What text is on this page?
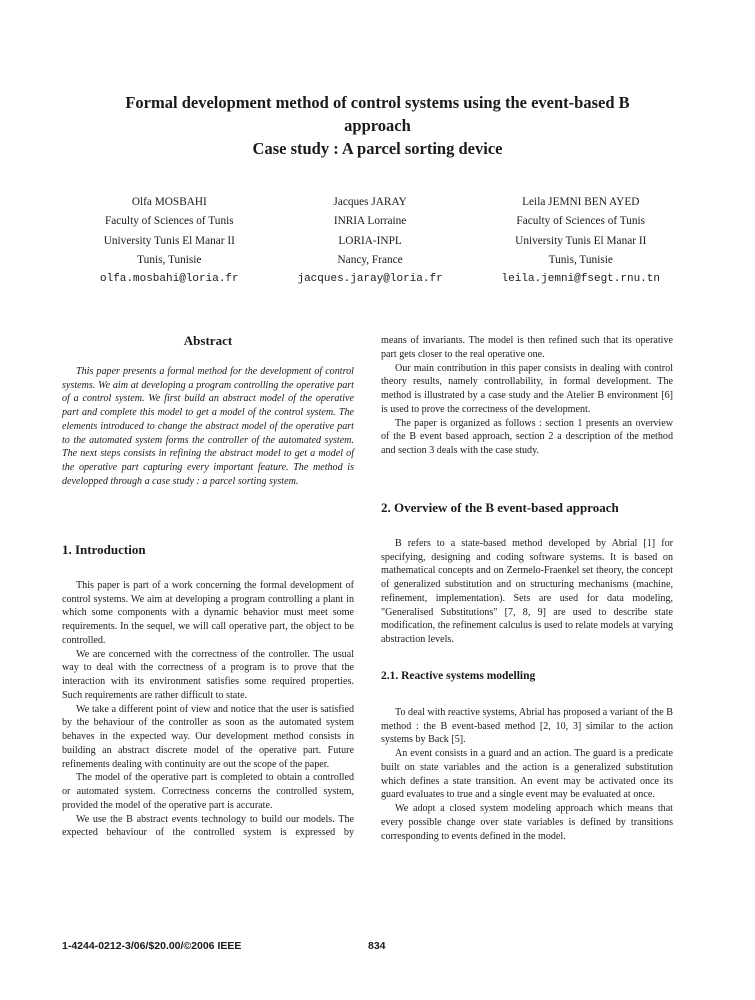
Formal development method of control systems using the event-based B
approach
Case study : A parcel sorting device
Olfa MOSBAHI
Faculty of Sciences of Tunis
University Tunis El Manar II
Tunis, Tunisie
olfa.mosbahi@loria.fr
Jacques JARAY
INRIA Lorraine
LORIA-INPL
Nancy, France
jacques.jaray@loria.fr
Leila JEMNI BEN AYED
Faculty of Sciences of Tunis
University Tunis El Manar II
Tunis, Tunisie
leila.jemni@fsegt.rnu.tn
Abstract

This paper presents a formal method for the development of control systems. We aim at developing a program controlling the operative part of a control system. We first build an abstract model of the operative part and complete this model to get a model of the control system. The elements introduced to change the abstract model of the operative part to the automated system forms the controller of the automated system. The next steps consists in refining the abstract model to get a model of the operative part capturing every important feature. The method is developped through a case study : a parcel sorting system.

1. Introduction

This paper is part of a work concerning the formal development of control systems. We aim at developing a program controlling a plant in which some components with a dynamic behavior must meet some requirements. In the sequel, we will call operative part, the object to be controlled.

We are concerned with the correctness of the controller. The usual way to deal with the correctness of a program is to prove that the interaction with its environment satisfies some required properties. Such requirements are rather difficult to state.

We take a different point of view and notice that the user is satisfied by the behaviour of the controller as soon as the automated system behaves in the expected way. Our development method consists in building an abstract discrete model of the operative part. Future refinements dealing with continuity are out the scope of the paper.

The model of the operative part is completed to obtain a controlled or automated system. Correctness concerns the controlled system, provided the model of the operative part is accurate.

We use the B abstract events technology to build our models. The expected behaviour of the controlled system is expressed by

means of invariants. The model is then refined such that its operative part gets closer to the real operative one.

Our main contribution in this paper consists in dealing with control theory results, namely controllability, in formal development. The method is illustrated by a case study and the Atelier B environment [6] is used to prove the correctness of the development.

The paper is organized as follows : section 1 presents an overview of the B event based approach, section 2 a description of the method and section 3 deals with the case study.

2. Overview of the B event-based approach

B refers to a state-based method developed by Abrial [1] for specifying, designing and coding software systems. It is based on mathematical concepts and on Zermelo-Fraenkel set theory, the concept of generalized substitution and on structuring mechanisms (machine, refinement, implementation). Sets are used for data modeling, "Generalised Substitutions" [7, 8, 9] are used to describe state modification, the refinement calculus is used to relate models at varying abstraction levels.

2.1. Reactive systems modelling

To deal with reactive systems, Abrial has proposed a variant of the B method : the B event-based method [2, 10, 3] similar to the action systems by Back [5].

An event consists in a guard and an action. The guard is a predicate built on state variables and the action is a generalized substitution which defines a state transition. An event may be activated once its guard evaluates to true and a single event may be evaluated at once.

We adopt a closed system modeling approach which means that every possible change over state variables is defined by transitions corresponding to events defined in the model.

1-4244-0212-3/06/$20.00/©2006 IEEE	834
